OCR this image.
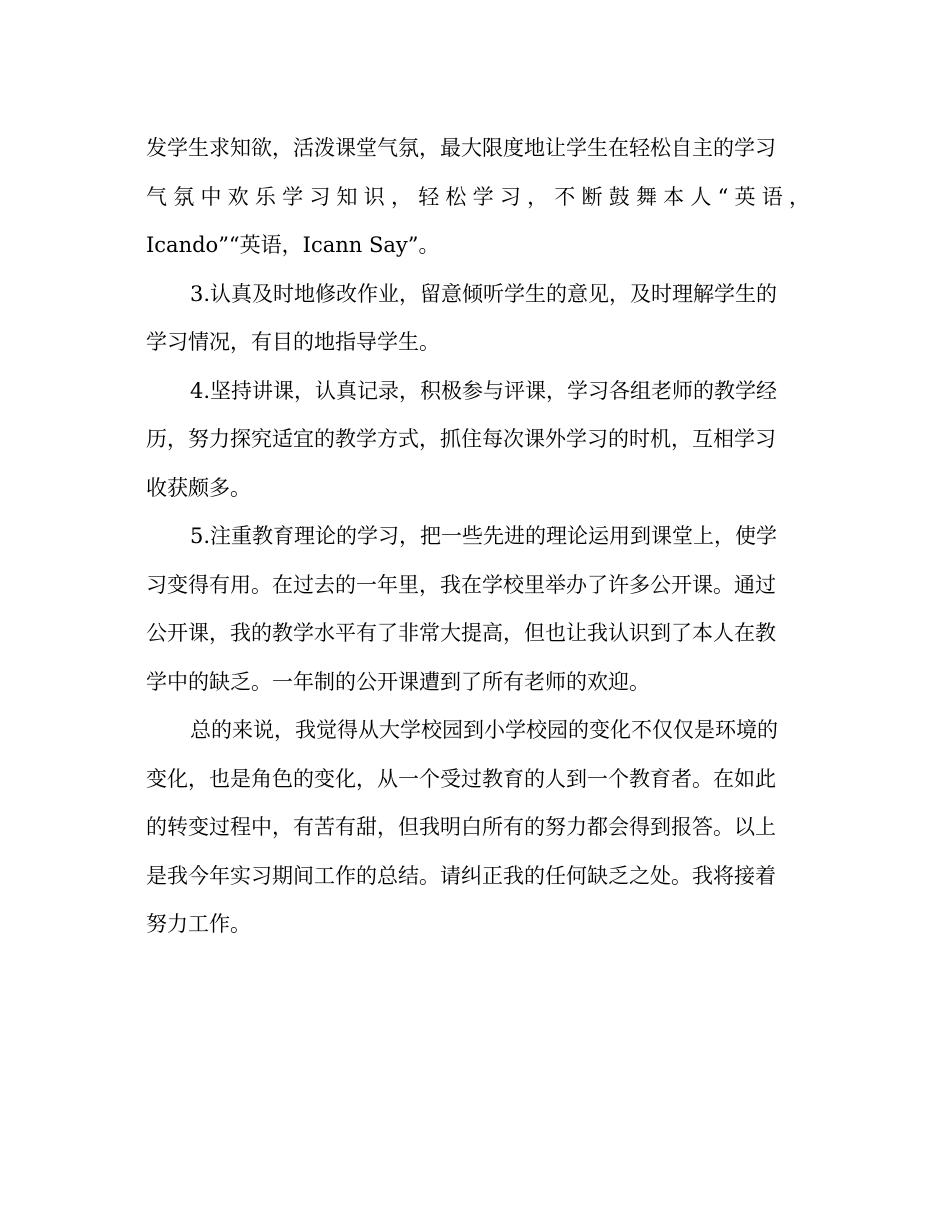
发学生求知欲，活泼课堂气氛，最大限度地让学生在轻松自主的学习
气氛中欢乐学习知识，轻松学习，不断鼓舞本人“英语，
Icando”“英语，Icann Say”。
3.认真及时地修改作业，留意倾听学生的意见，及时理解学生的
学习情况，有目的地指导学生。
4.坚持讲课，认真记录，积极参与评课，学习各组老师的教学经
历，努力探究适宜的教学方式，抓住每次课外学习的时机，互相学习
收获颇多。
5.注重教育理论的学习，把一些先进的理论运用到课堂上，使学
习变得有用。在过去的一年里，我在学校里举办了许多公开课。通过
公开课，我的教学水平有了非常大提高，但也让我认识到了本人在教
学中的缺乏。一年制的公开课遭到了所有老师的欢迎。
总的来说，我觉得从大学校园到小学校园的变化不仅仅是环境的
变化，也是角色的变化，从一个受过教育的人到一个教育者。在如此
的转变过程中，有苦有甜，但我明白所有的努力都会得到报答。以上
是我今年实习期间工作的总结。请纠正我的任何缺乏之处。我将接着
努力工作。
